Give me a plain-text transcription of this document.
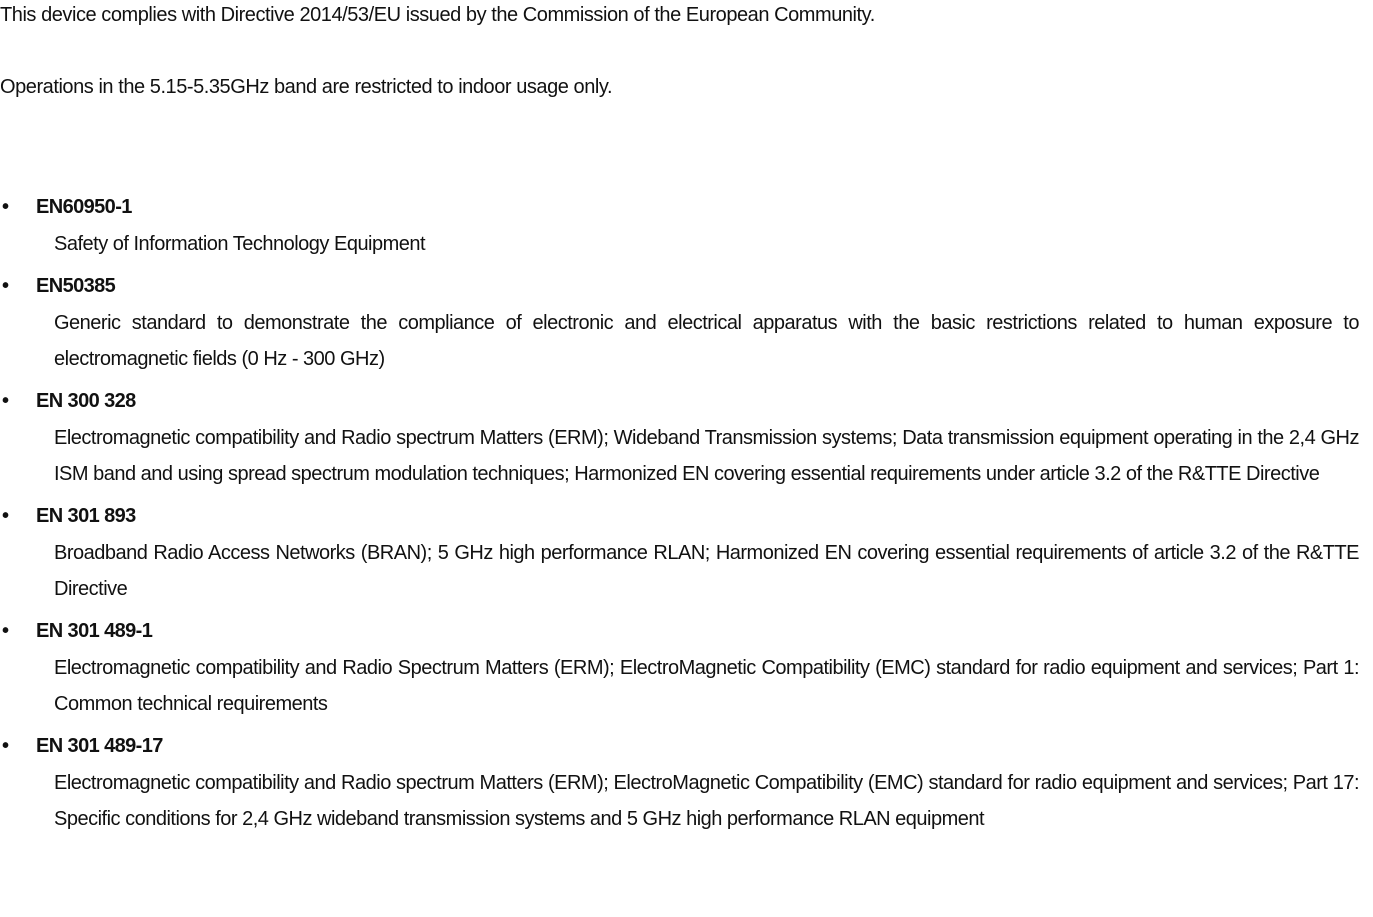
This device complies with Directive 2014/53/EU issued by the Commission of the European Community.

Operations in the 5.15-5.35GHz band are restricted to indoor usage only.

• EN60950-1
Safety of Information Technology Equipment
• EN50385
Generic standard to demonstrate the compliance of electronic and electrical apparatus with the basic restrictions related to human exposure to electromagnetic fields (0 Hz - 300 GHz)
• EN 300 328
Electromagnetic compatibility and Radio spectrum Matters (ERM); Wideband Transmission systems; Data transmission equipment operating in the 2,4 GHz ISM band and using spread spectrum modulation techniques; Harmonized EN covering essential requirements under article 3.2 of the R&TTE Directive
• EN 301 893
Broadband Radio Access Networks (BRAN); 5 GHz high performance RLAN; Harmonized EN covering essential requirements of article 3.2 of the R&TTE Directive
• EN 301 489-1
Electromagnetic compatibility and Radio Spectrum Matters (ERM); ElectroMagnetic Compatibility (EMC) standard for radio equipment and services; Part 1: Common technical requirements
• EN 301 489-17
Electromagnetic compatibility and Radio spectrum Matters (ERM); ElectroMagnetic Compatibility (EMC) standard for radio equipment and services; Part 17: Specific conditions for 2,4 GHz wideband transmission systems and 5 GHz high performance RLAN equipment
